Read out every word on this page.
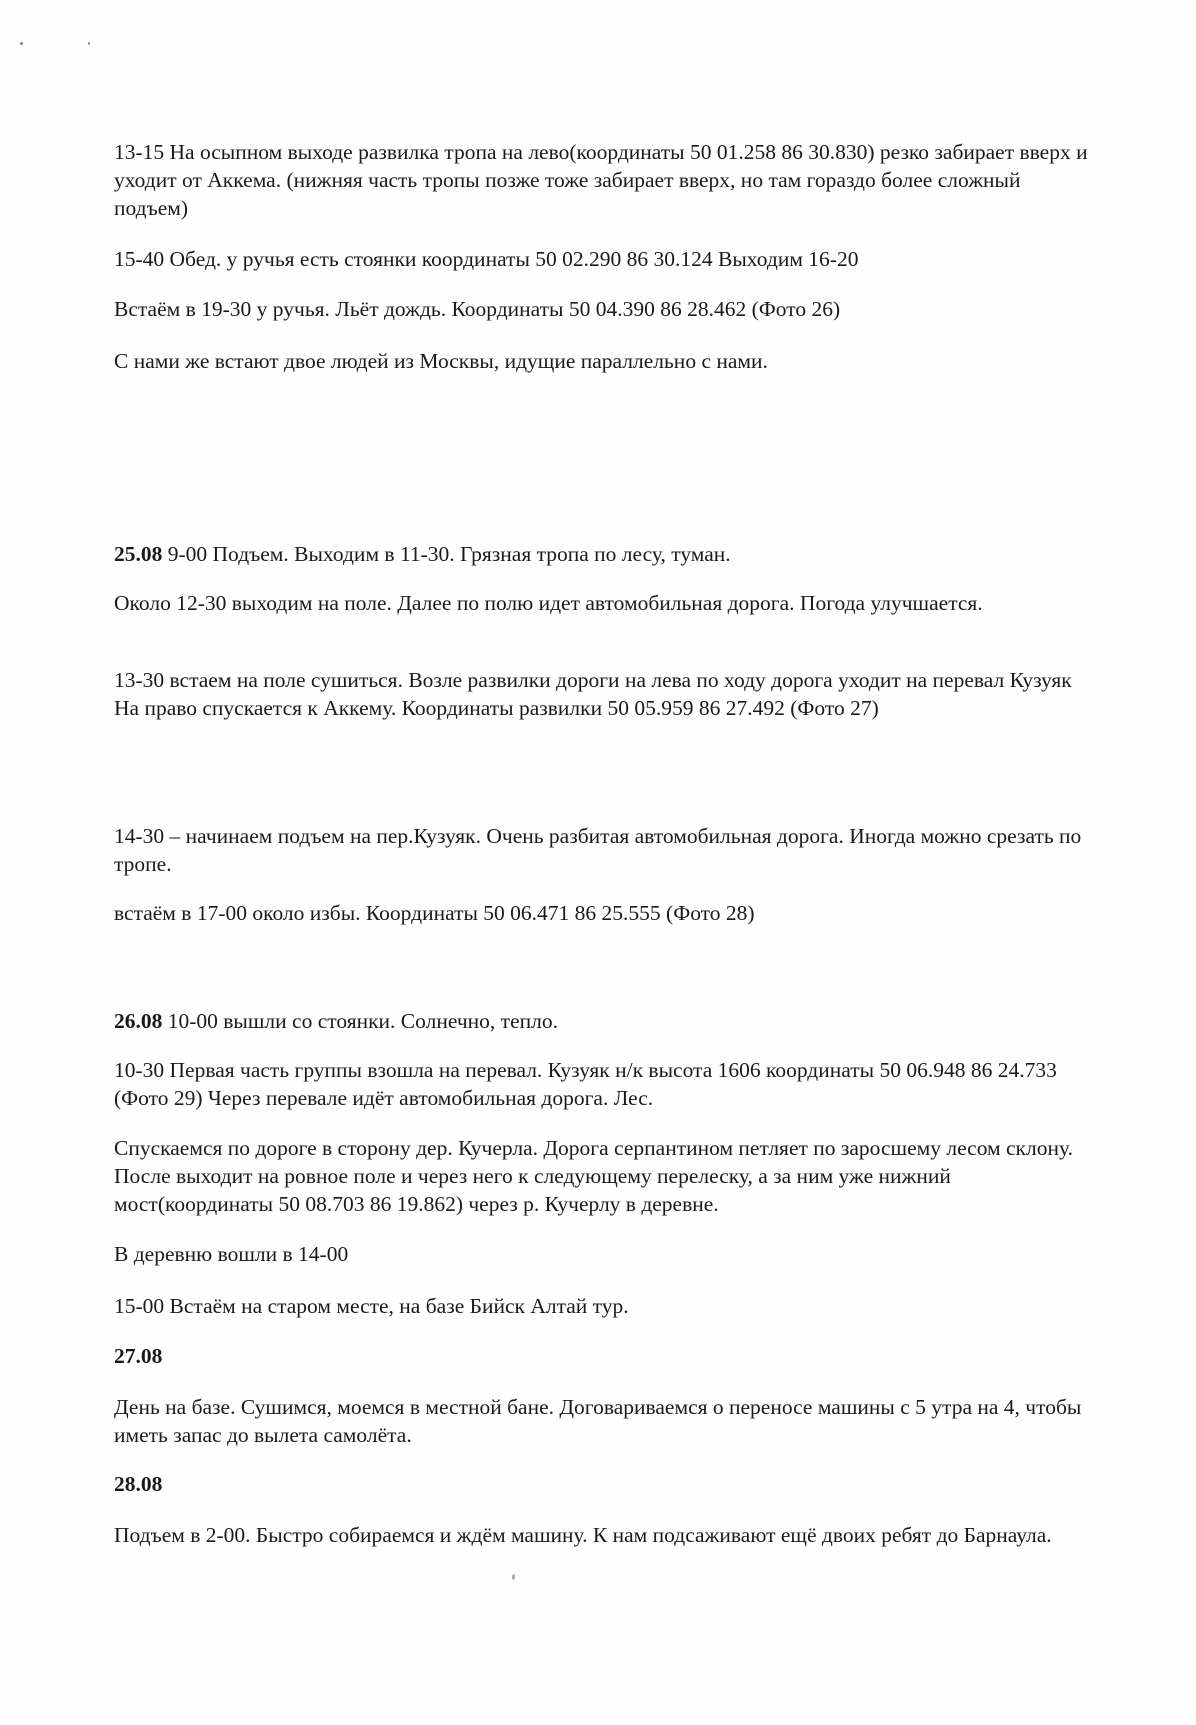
13-15 На осыпном выходе развилка тропа на лево(координаты 50 01.258 86 30.830) резко забирает вверх и уходит от Аккема. (нижняя часть тропы позже тоже забирает вверх, но там гораздо более сложный подъем)

15-40 Обед. у ручья есть стоянки координаты 50 02.290 86 30.124 Выходим 16-20

Встаём в 19-30 у ручья. Льёт дождь. Координаты 50 04.390 86 28.462 (Фото 26)

С нами же встают двое людей из Москвы, идущие параллельно с нами.

25.08 9-00 Подъем. Выходим в 11-30. Грязная тропа по лесу, туман.

Около 12-30 выходим на поле. Далее по полю идет автомобильная дорога. Погода улучшается.

13-30 встаем на поле сушиться. Возле развилки дороги на лева по ходу дорога уходит на перевал Кузуяк На право спускается к Аккему. Координаты развилки 50 05.959 86 27.492 (Фото 27)

14-30 – начинаем подъем на пер.Кузуяк. Очень разбитая автомобильная дорога. Иногда можно срезать по тропе.

встаём в 17-00 около избы. Координаты 50 06.471 86 25.555 (Фото 28)

26.08 10-00 вышли со стоянки. Солнечно, тепло.

10-30 Первая часть группы взошла на перевал. Кузуяк н/к высота 1606 координаты 50 06.948 86 24.733 (Фото 29) Через перевале идёт автомобильная дорога. Лес.

Спускаемся по дороге в сторону дер. Кучерла. Дорога серпантином петляет по заросшему лесом склону. После выходит на ровное поле и через него к следующему перелеску, а за ним уже нижний мост(координаты 50 08.703 86 19.862) через р. Кучерлу в деревне.

В деревню вошли в 14-00

15-00 Встаём на старом месте, на базе Бийск Алтай тур.

27.08

День на базе. Сушимся, моемся в местной бане. Договариваемся о переносе машины с 5 утра на 4, чтобы иметь запас до вылета самолёта.

28.08

Подъем в 2-00. Быстро собираемся и ждём машину. К нам подсаживают ещё двоих ребят до Барнаула.
